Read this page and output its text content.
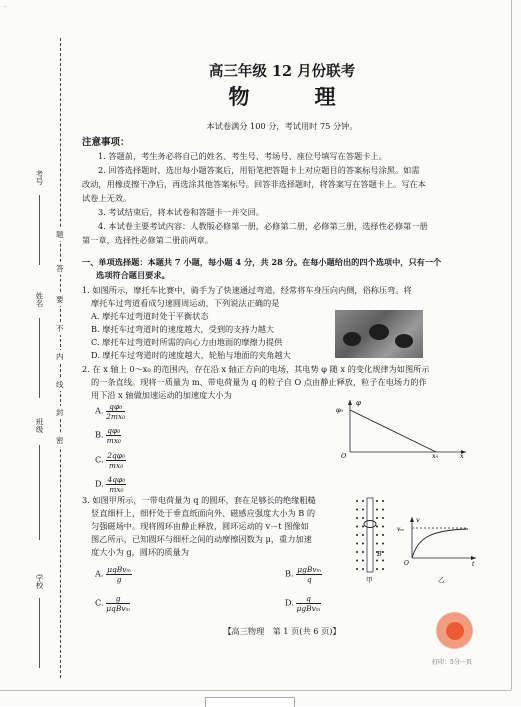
·
考号
姓名
班级
学校
题
答
要
不
内
线
封
密
高三年级 12 月份联考
物　理
本试卷满分 100 分，考试用时 75 分钟。
注意事项：
1. 答题前，考生务必将自己的姓名、考生号、考场号、座位号填写在答题卡上。
2. 回答选择题时，选出每小题答案后，用铅笔把答题卡上对应题目的答案标号涂黑。如需
改动，用橡皮擦干净后，再选涂其他答案标号。回答非选择题时，将答案写在答题卡上。写在本
试卷上无效。
3. 考试结束后，将本试卷和答题卡一并交回。
4. 本试卷主要考试内容：人教版必修第一册，必修第二册，必修第三册，选择性必修第一册
第一章，选择性必修第二册前两章。
一、单项选择题：本题共 7 小题，每小题 4 分，共 28 分。在每小题给出的四个选项中，只有一个
选项符合题目要求。
1. 如图所示，摩托车比赛中，骑手为了快速通过弯道，经常将车身压向内侧，俗称压弯。将
摩托车过弯道看成匀速圆周运动，下列说法正确的是
A. 摩托车过弯道时处于平衡状态
B. 摩托车过弯道时的速度越大，受到的支持力越大
C. 摩托车过弯道时所需的向心力由地面的摩擦力提供
D. 摩托车过弯道时的速度越大，轮胎与地面的夹角越大
2. 在 x 轴上 0～x₀ 的范围内，存在沿 x 轴正方向的电场，其电势 φ 随 x 的变化规律为如图所示
的一条直线。现将一质量为 m、带电荷量为 q 的粒子自 O 点由静止释放，粒子在电场力的作
用下沿 x 轴做加速运动的加速度大小为
A. $\frac{\text{qφ₀}}{\text{2mx₀}}$
B. $\frac{\text{qφ₀}}{\text{mx₀}}$
C. $\frac{\text{2qφ₀}}{\text{mx₀}}$
D. $\frac{\text{4qφ₀}}{\text{mx₀}}$
φ
φ₀
O	x₀	x
3. 如图甲所示，一带电荷量为 q 的圆环，套在足够长的绝缘粗糙
竖直细杆上，细杆处于垂直纸面向外、磁感应强度大小为 B 的
匀强磁场中。现将圆环由静止释放，圆环运动的 v－t 图像如
图乙所示，已知圆环与细杆之间的动摩擦因数为 μ，重力加速
度大小为 g，圆环的质量为
A. $\frac{\text{μqBvₘ}}{g}$	B. $\frac{\text{μgBvₘ}}{q}$
C. $\frac{g}{\text{μqBvₘ}}$	D. $\frac{q}{\text{μgBvₘ}}$
B
甲
v
vₘ
O	t
乙
【高三物理　第 1 页(共 6 页)】
打印：5分一页
